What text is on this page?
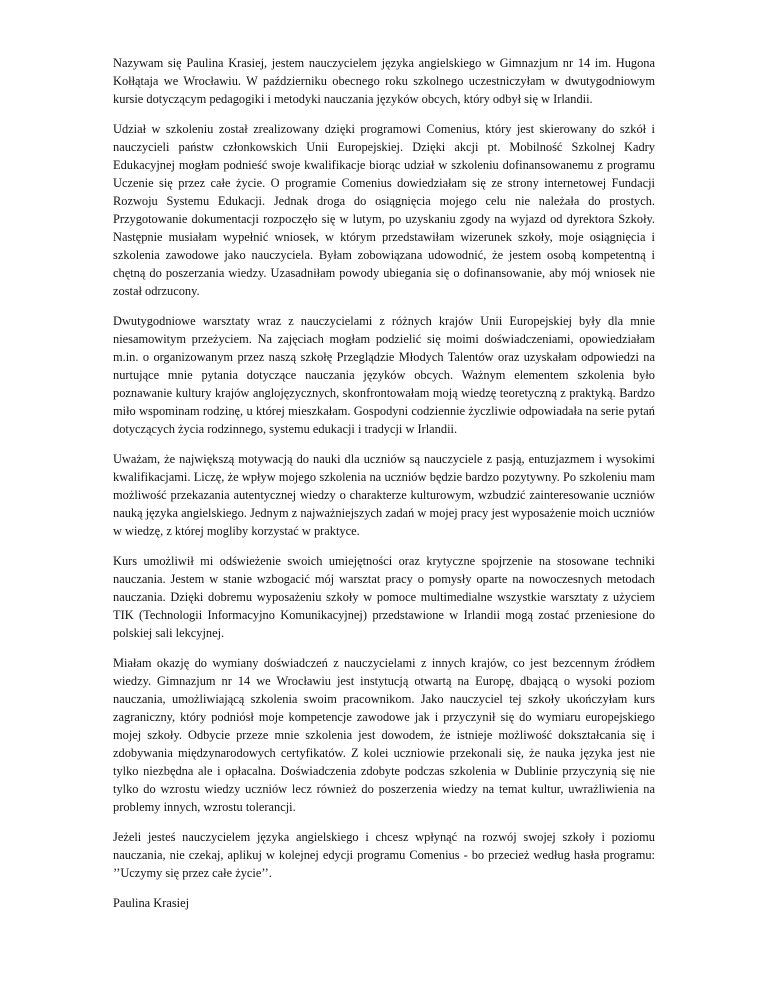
Nazywam się Paulina Krasiej, jestem nauczycielem języka angielskiego w Gimnazjum nr 14 im. Hugona Kołłątaja we Wrocławiu. W październiku obecnego roku szkolnego uczestniczyłam w dwutygodniowym kursie dotyczącym pedagogiki i metodyki nauczania języków obcych, który odbył się w Irlandii.

Udział w szkoleniu został zrealizowany dzięki programowi Comenius, który jest skierowany do szkół i nauczycieli państw członkowskich Unii Europejskiej. Dzięki akcji pt. Mobilność Szkolnej Kadry Edukacyjnej mogłam podnieść swoje kwalifikacje biorąc udział w szkoleniu dofinansowanemu z programu Uczenie się przez całe życie. O programie Comenius dowiedziałam się ze strony internetowej Fundacji Rozwoju Systemu Edukacji. Jednak droga do osiągnięcia mojego celu nie należała do prostych. Przygotowanie dokumentacji rozpoczęło się w lutym, po uzyskaniu zgody na wyjazd od dyrektora Szkoły. Następnie musiałam wypełnić wniosek, w którym przedstawiłam wizerunek szkoły, moje osiągnięcia i szkolenia zawodowe jako nauczyciela. Byłam zobowiązana udowodnić, że jestem osobą kompetentną i chętną do poszerzania wiedzy. Uzasadniłam powody ubiegania się o dofinansowanie, aby mój wniosek nie został odrzucony.

Dwutygodniowe warsztaty wraz z nauczycielami z różnych krajów Unii Europejskiej były dla mnie niesamowitym przeżyciem. Na zajęciach mogłam podzielić się moimi doświadczeniami, opowiedziałam m.in. o organizowanym przez naszą szkołę Przeglądzie Młodych Talentów oraz uzyskałam odpowiedzi na nurtujące mnie pytania dotyczące nauczania języków obcych. Ważnym elementem szkolenia było poznawanie kultury krajów anglojęzycznych, skonfrontowałam moją wiedzę teoretyczną z praktyką. Bardzo miło wspominam rodzinę, u której mieszkałam. Gospodyni codziennie życzliwie odpowiadała na serie pytań dotyczących życia rodzinnego, systemu edukacji i tradycji w Irlandii.

Uważam, że największą motywacją do nauki dla uczniów są nauczyciele z pasją, entuzjazmem i wysokimi kwalifikacjami. Liczę, że wpływ mojego szkolenia na uczniów będzie bardzo pozytywny. Po szkoleniu mam możliwość przekazania autentycznej wiedzy o charakterze kulturowym, wzbudzić zainteresowanie uczniów nauką języka angielskiego. Jednym z najważniejszych zadań w mojej pracy jest wyposażenie moich uczniów w wiedzę, z której mogliby korzystać w praktyce.

Kurs umożliwił mi odświeżenie swoich umiejętności oraz krytyczne spojrzenie na stosowane techniki nauczania. Jestem w stanie wzbogacić mój warsztat pracy o pomysły oparte na nowoczesnych metodach nauczania. Dzięki dobremu wyposażeniu szkoły w pomoce multimedialne wszystkie warsztaty z użyciem TIK (Technologii Informacyjno Komunikacyjnej) przedstawione w Irlandii mogą zostać przeniesione do polskiej sali lekcyjnej.

Miałam okazję do wymiany doświadczeń z nauczycielami z innych krajów, co jest bezcennym źródłem wiedzy. Gimnazjum nr 14 we Wrocławiu jest instytucją otwartą na Europę, dbającą o wysoki poziom nauczania, umożliwiającą szkolenia swoim pracownikom. Jako nauczyciel tej szkoły ukończyłam kurs zagraniczny, który podniósł moje kompetencje zawodowe jak i przyczynił się do wymiaru europejskiego mojej szkoły. Odbycie przeze mnie szkolenia jest dowodem, że istnieje możliwość dokształcania się i zdobywania międzynarodowych certyfikatów. Z kolei uczniowie przekonali się, że nauka języka jest nie tylko niezbędna ale i opłacalna. Doświadczenia zdobyte podczas szkolenia w Dublinie przyczynią się nie tylko do wzrostu wiedzy uczniów lecz również do poszerzenia wiedzy na temat kultur, uwrażliwienia na problemy innych, wzrostu tolerancji.

Jeżeli jesteś nauczycielem języka angielskiego i chcesz wpłynąć na rozwój swojej szkoły i poziomu nauczania, nie czekaj, aplikuj w kolejnej edycji programu Comenius - bo przecież według hasła programu: ’’Uczymy się przez całe życie’’.

Paulina Krasiej
